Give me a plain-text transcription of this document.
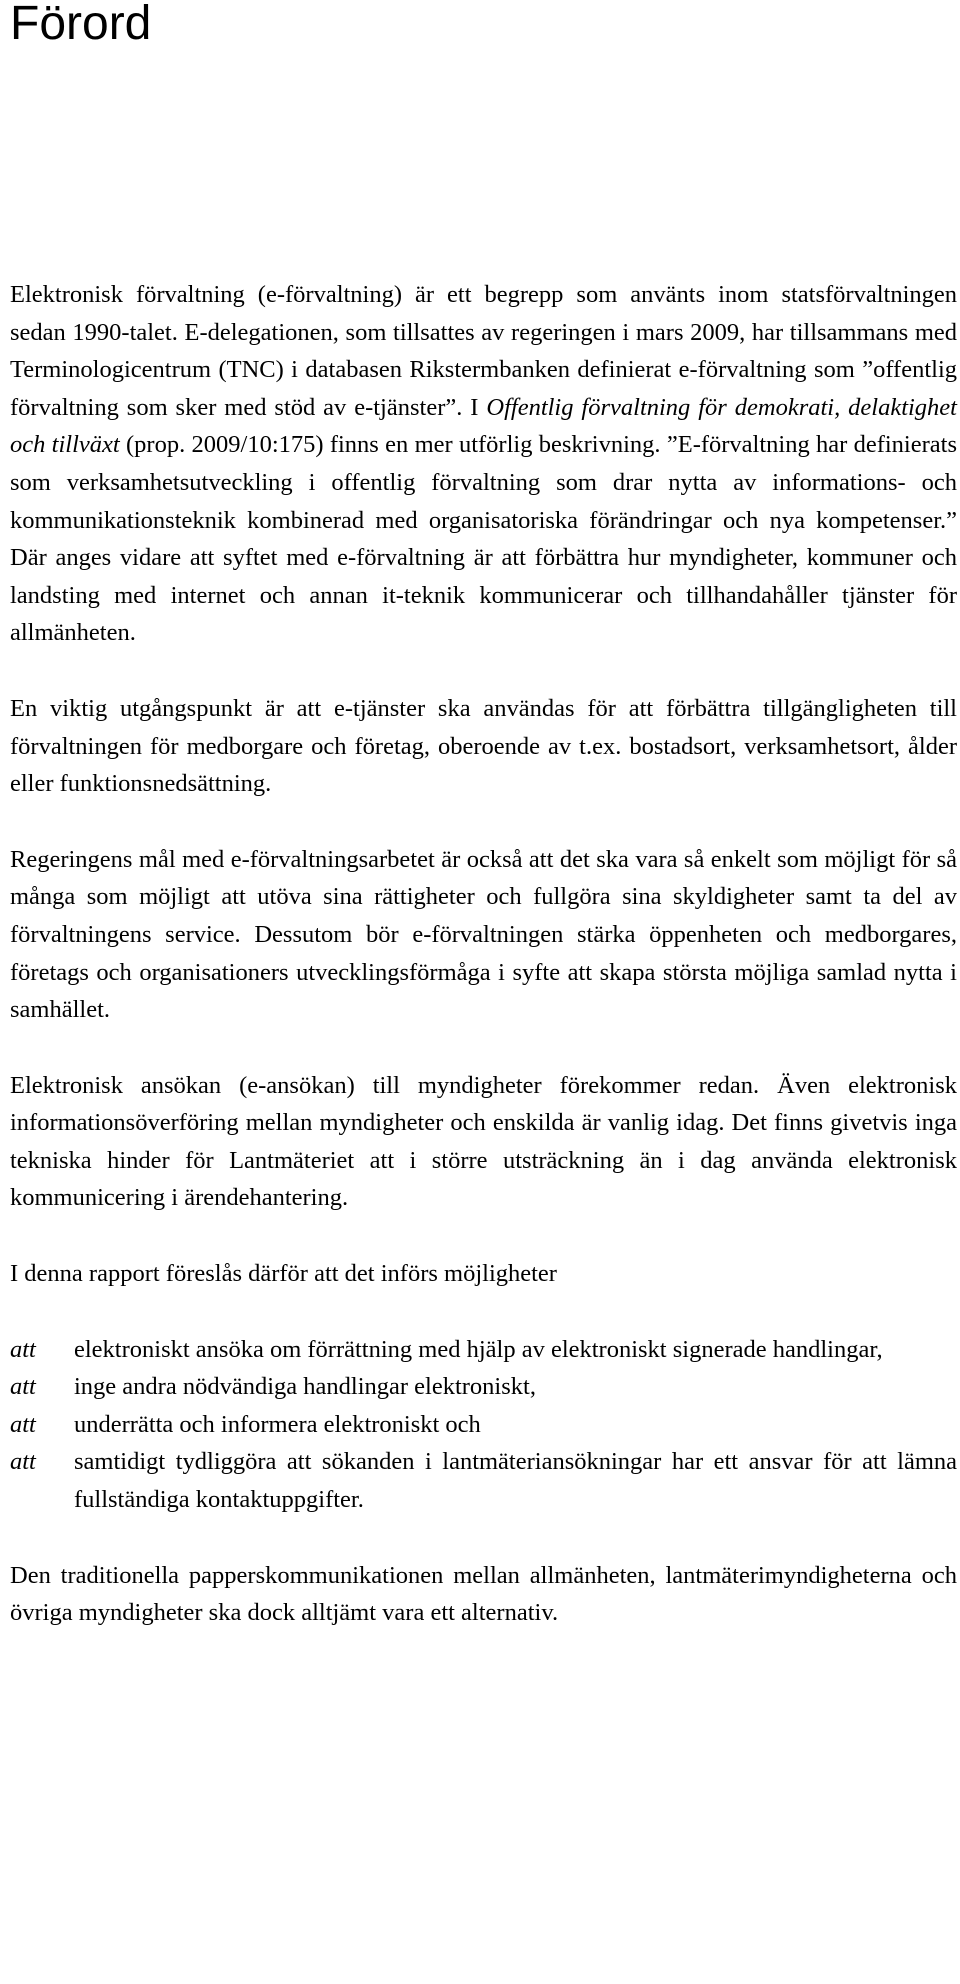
Förord

Elektronisk förvaltning (e-förvaltning) är ett begrepp som använts inom statsförvaltningen sedan 1990-talet. E-delegationen, som tillsattes av regeringen i mars 2009, har tillsammans med Terminologicentrum (TNC) i databasen Rikstermbanken definierat e-förvaltning som ”offentlig förvaltning som sker med stöd av e-tjänster”. I Offentlig förvaltning för demokrati, delaktighet och tillväxt (prop. 2009/10:175) finns en mer utförlig beskrivning. ”E-förvaltning har definierats som verksamhetsutveckling i offentlig förvaltning som drar nytta av informations- och kommunikationsteknik kombinerad med organisatoriska förändringar och nya kompetenser.” Där anges vidare att syftet med e-förvaltning är att förbättra hur myndigheter, kommuner och landsting med internet och annan it-teknik kommunicerar och tillhandahåller tjänster för allmänheten.

En viktig utgångspunkt är att e-tjänster ska användas för att förbättra tillgängligheten till förvaltningen för medborgare och företag, oberoende av t.ex. bostadsort, verksamhetsort, ålder eller funktionsnedsättning.

Regeringens mål med e-förvaltningsarbetet är också att det ska vara så enkelt som möjligt för så många som möjligt att utöva sina rättigheter och fullgöra sina skyldigheter samt ta del av förvaltningens service. Dessutom bör e-förvaltningen stärka öppenheten och medborgares, företags och organisationers utvecklingsförmåga i syfte att skapa största möjliga samlad nytta i samhället.

Elektronisk ansökan (e-ansökan) till myndigheter förekommer redan. Även elektronisk informationsöverföring mellan myndigheter och enskilda är vanlig idag. Det finns givetvis inga tekniska hinder för Lantmäteriet att i större utsträckning än i dag använda elektronisk kommunicering i ärendehantering.

I denna rapport föreslås därför att det införs möjligheter

att	elektroniskt ansöka om förrättning med hjälp av elektroniskt signerade handlingar,
att	inge andra nödvändiga handlingar elektroniskt,
att	underrätta och informera elektroniskt och
att	samtidigt tydliggöra att sökanden i lantmäteriansökningar har ett ansvar för att lämna fullständiga kontaktuppgifter.

Den traditionella papperskommunikationen mellan allmänheten, lantmäterimyndigheterna och övriga myndigheter ska dock alltjämt vara ett alternativ.
